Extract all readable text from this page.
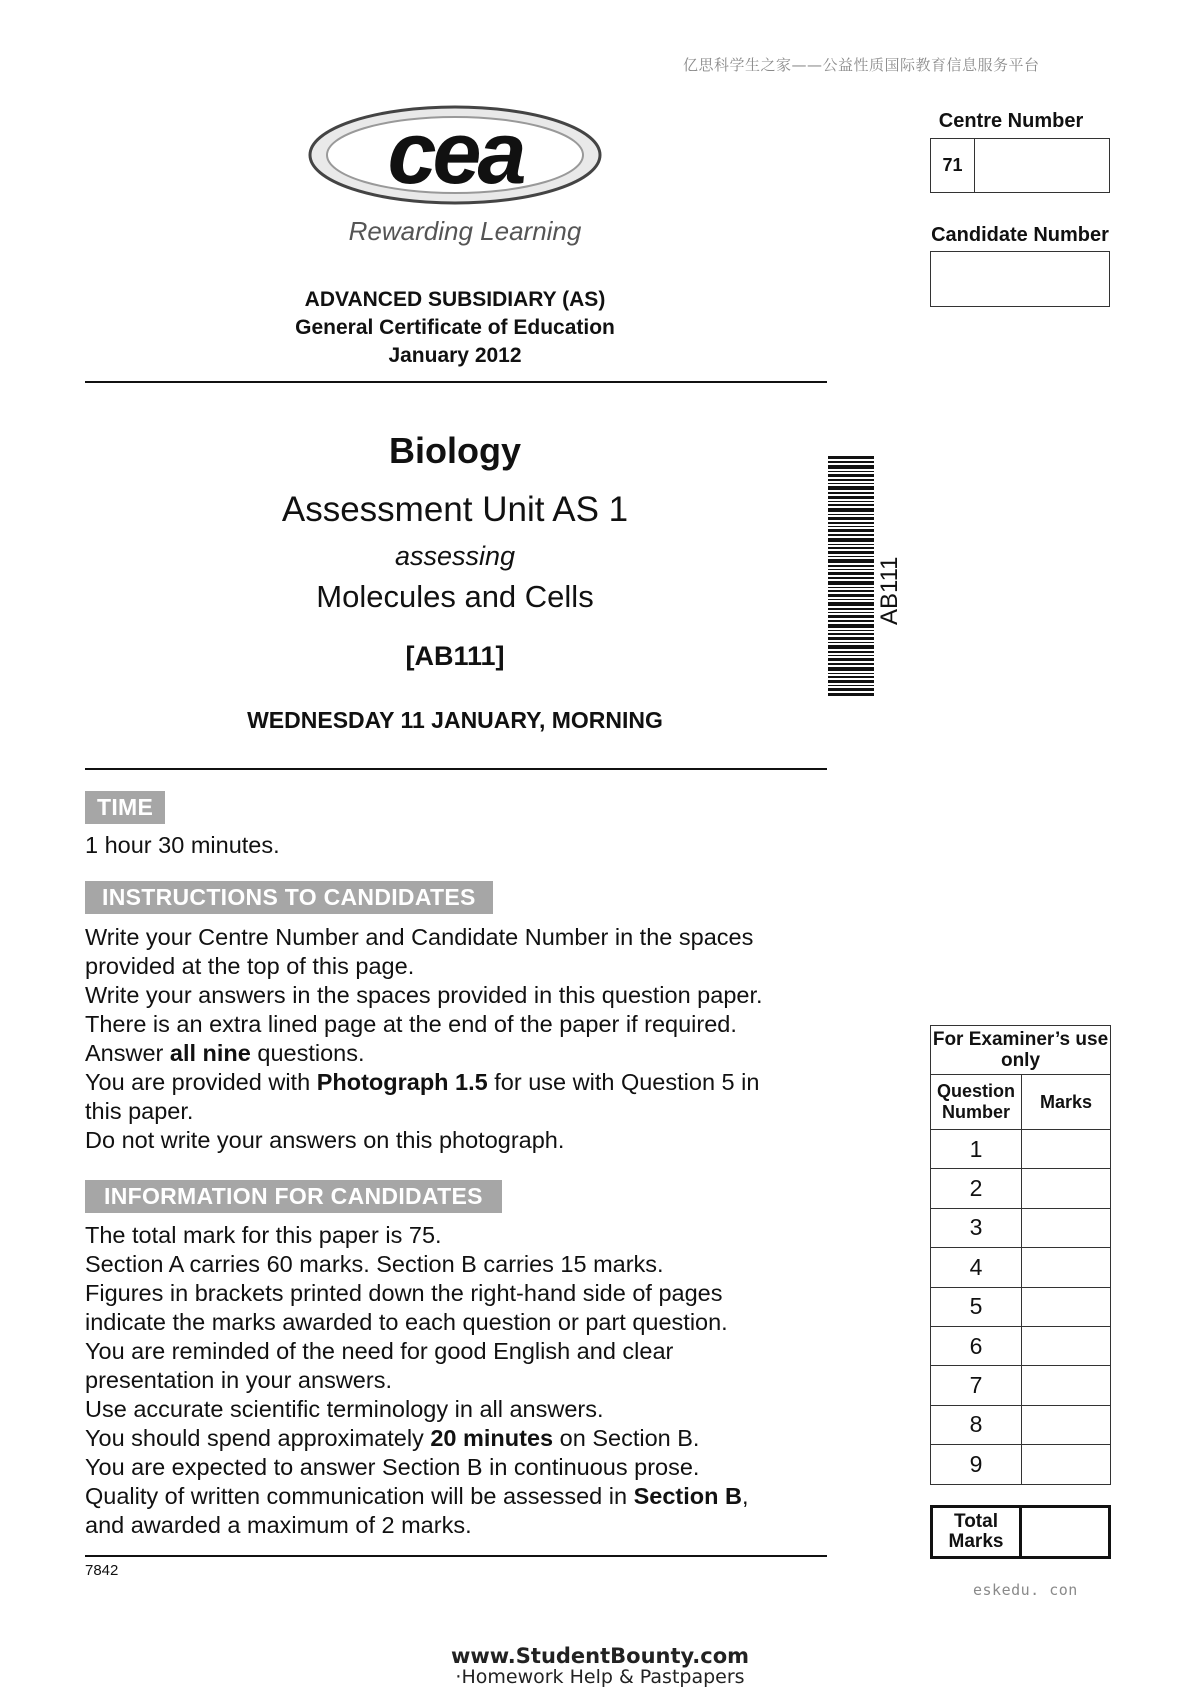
亿思科学生之家——公益性质国际教育信息服务平台
cea
Rewarding Learning
ADVANCED SUBSIDIARY (AS)
General Certificate of Education
January 2012
Biology
Assessment Unit AS 1
assessing
Molecules and Cells
[AB111]
WEDNESDAY 11 JANUARY, MORNING
AB111
Centre Number
71
Candidate Number
TIME
1 hour 30 minutes.
INSTRUCTIONS TO CANDIDATES

Write your Centre Number and Candidate Number in the spaces

provided at the top of this page.

Write your answers in the spaces provided in this question paper.

There is an extra lined page at the end of the paper if required.

Answer all nine questions.

You are provided with Photograph 1.5 for use with Question 5 in

this paper.

Do not write your answers on this photograph.

INFORMATION FOR CANDIDATES

The total mark for this paper is 75.

Section A carries 60 marks. Section B carries 15 marks.

Figures in brackets printed down the right-hand side of pages

indicate the marks awarded to each question or part question.

You are reminded of the need for good English and clear

presentation in your answers.

Use accurate scientific terminology in all answers.

You should spend approximately 20 minutes on Section B.

You are expected to answer Section B in continuous prose.

Quality of written communication will be assessed in Section B,

and awarded a maximum of 2 marks.

7842
For Examiner’s use only	
Question Number	Marks
1	
2	
3	
4	
5	
6	
7	
8	
9	
Total Marks
eskedu. con
www.StudentBounty.com
·Homework Help & Pastpapers
